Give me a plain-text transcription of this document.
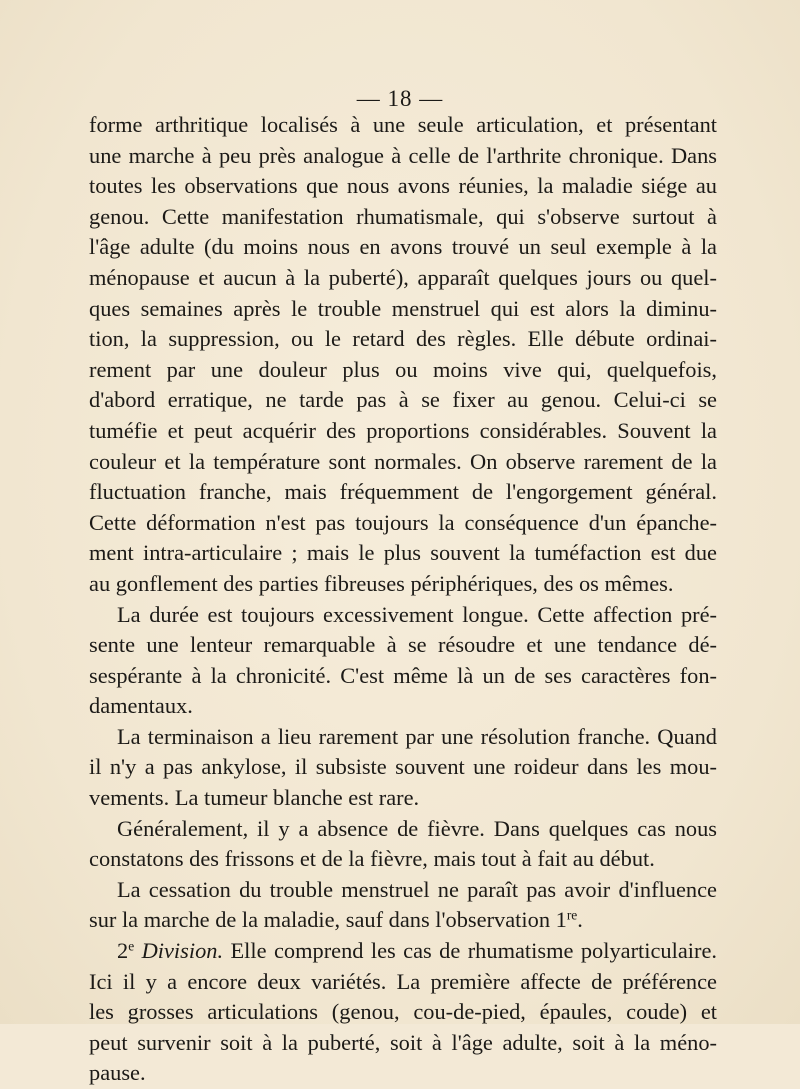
— 18 —
forme arthritique localisés à une seule articulation, et présentant
une marche à peu près analogue à celle de l'arthrite chronique. Dans
toutes les observations que nous avons réunies, la maladie siége au
genou. Cette manifestation rhumatismale, qui s'observe surtout à
l'âge adulte (du moins nous en avons trouvé un seul exemple à la
ménopause et aucun à la puberté), apparaît quelques jours ou quel-
ques semaines après le trouble menstruel qui est alors la diminu-
tion, la suppression, ou le retard des règles. Elle débute ordinai-
rement par une douleur plus ou moins vive qui, quelquefois,
d'abord erratique, ne tarde pas à se fixer au genou. Celui-ci se
tuméfie et peut acquérir des proportions considérables. Souvent la
couleur et la température sont normales. On observe rarement de la
fluctuation franche, mais fréquemment de l'engorgement général.
Cette déformation n'est pas toujours la conséquence d'un épanche-
ment intra-articulaire ; mais le plus souvent la tuméfaction est due
au gonflement des parties fibreuses périphériques, des os mêmes.
La durée est toujours excessivement longue. Cette affection pré-
sente une lenteur remarquable à se résoudre et une tendance dé-
sespérante à la chronicité. C'est même là un de ses caractères fon-
damentaux.
La terminaison a lieu rarement par une résolution franche. Quand
il n'y a pas ankylose, il subsiste souvent une roideur dans les mou-
vements. La tumeur blanche est rare.
Généralement, il y a absence de fièvre. Dans quelques cas nous
constatons des frissons et de la fièvre, mais tout à fait au début.
La cessation du trouble menstruel ne paraît pas avoir d'influence
sur la marche de la maladie, sauf dans l'observation 1re.
2e Division. Elle comprend les cas de rhumatisme polyarticulaire.
Ici il y a encore deux variétés. La première affecte de préférence
les grosses articulations (genou, cou-de-pied, épaules, coude) et
peut survenir soit à la puberté, soit à l'âge adulte, soit à la méno-
pause.
